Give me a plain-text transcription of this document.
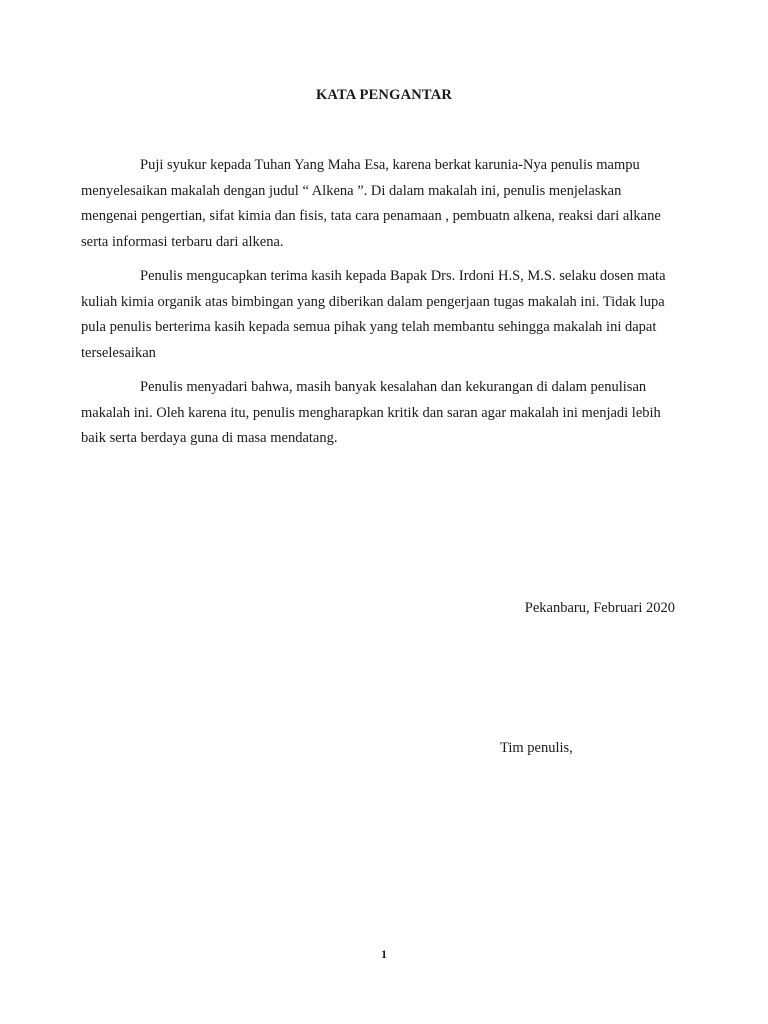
KATA PENGANTAR

Puji syukur kepada Tuhan Yang Maha Esa, karena berkat karunia-Nya penulis mampu menyelesaikan makalah dengan judul “ Alkena ”. Di dalam makalah ini, penulis menjelaskan mengenai pengertian, sifat kimia dan fisis, tata cara penamaan , pembuatn alkena, reaksi dari alkane serta informasi terbaru dari alkena.

Penulis mengucapkan terima kasih kepada Bapak Drs. Irdoni H.S, M.S. selaku dosen mata kuliah kimia organik atas bimbingan yang diberikan dalam pengerjaan tugas makalah ini. Tidak lupa pula penulis berterima kasih kepada semua pihak yang telah membantu sehingga makalah ini dapat terselesaikan

Penulis menyadari bahwa, masih banyak kesalahan dan kekurangan di dalam penulisan makalah ini. Oleh karena itu, penulis mengharapkan kritik dan saran agar makalah ini menjadi lebih baik serta berdaya guna di masa mendatang.

Pekanbaru, Februari 2020

Tim penulis,

1
